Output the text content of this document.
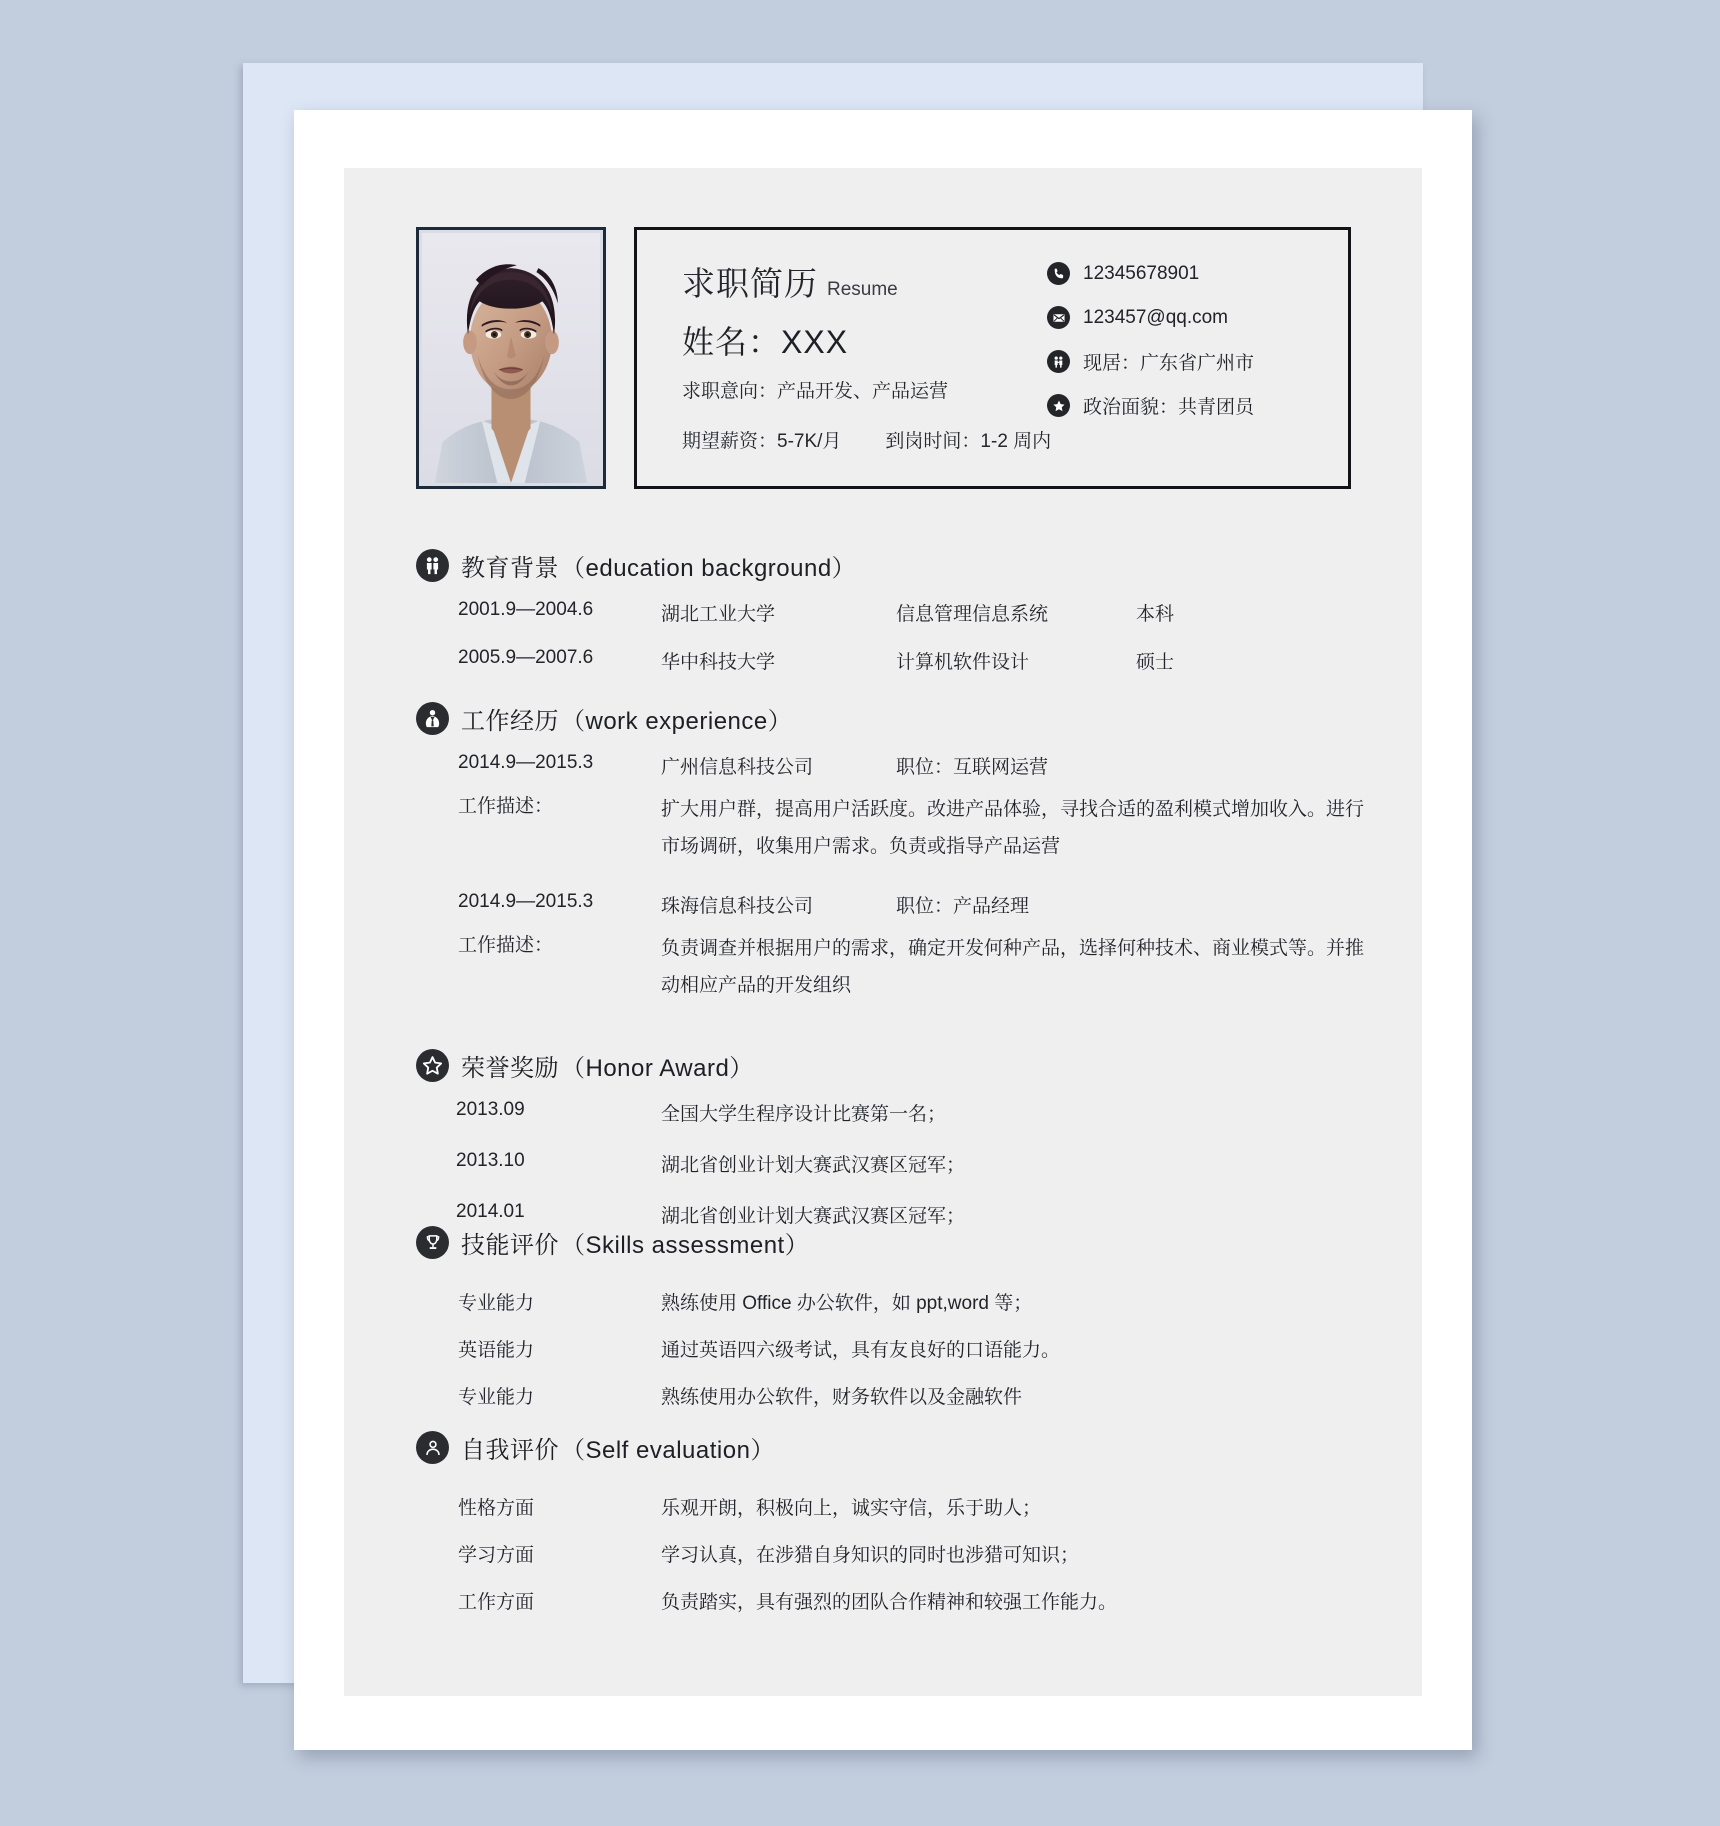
求职简历 Resume
姓名：XXX
求职意向：产品开发、产品运营
期望薪资：5-7K/月 到岗时间：1-2 周内
12345678901
123457@qq.com
现居：广东省广州市
政治面貌：共青团员
教育背景（education background）
2001.9—2004.6	湖北工业大学	信息管理信息系统	本科
2005.9—2007.6	华中科技大学	计算机软件设计	硕士
工作经历（work experience）
2014.9—2015.3	广州信息科技公司	职位：互联网运营
工作描述：	扩大用户群，提高用户活跃度。改进产品体验，寻找合适的盈利模式增加收入。进行市场调研，收集用户需求。负责或指导产品运营
2014.9—2015.3	珠海信息科技公司	职位：产品经理
工作描述：	负责调查并根据用户的需求，确定开发何种产品，选择何种技术、商业模式等。并推动相应产品的开发组织
荣誉奖励（Honor Award）
2013.09	全国大学生程序设计比赛第一名；
2013.10	湖北省创业计划大赛武汉赛区冠军；
2014.01	湖北省创业计划大赛武汉赛区冠军；
技能评价（Skills assessment）
专业能力	熟练使用 Office 办公软件，如 ppt,word 等；
英语能力	通过英语四六级考试，具有友良好的口语能力。
专业能力	熟练使用办公软件，财务软件以及金融软件
自我评价（Self evaluation）
性格方面	乐观开朗，积极向上，诚实守信，乐于助人；
学习方面	学习认真，在涉猎自身知识的同时也涉猎可知识；
工作方面	负责踏实，具有强烈的团队合作精神和较强工作能力。
